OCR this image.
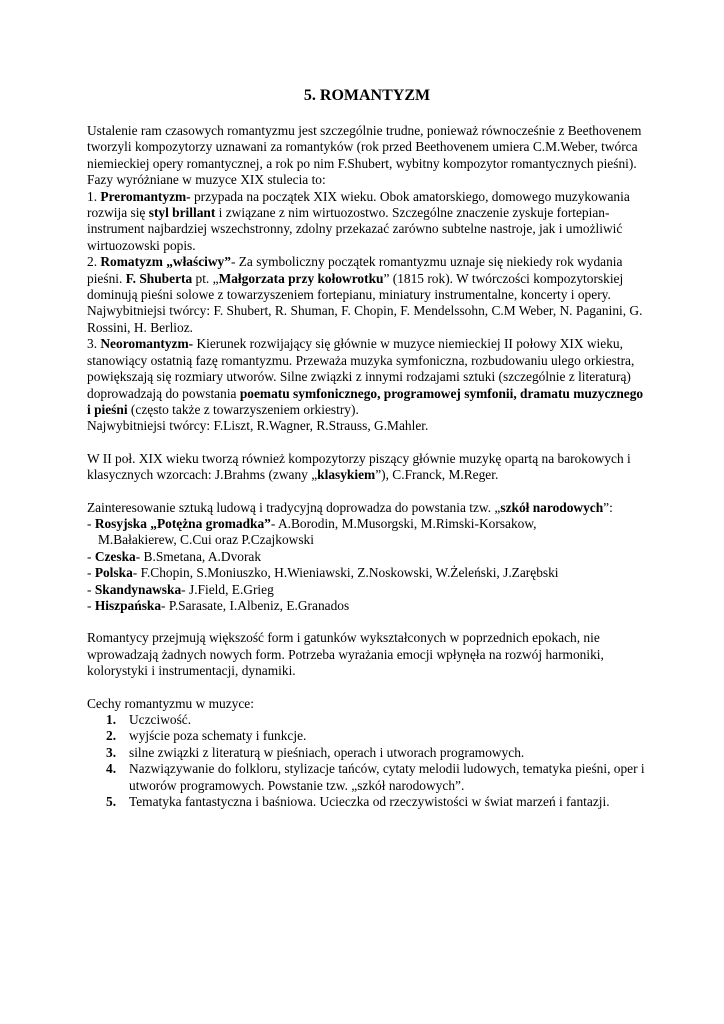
5. ROMANTYZM

Ustalenie ram czasowych romantyzmu jest szczególnie trudne, ponieważ równocześnie z Beethovenem tworzyli kompozytorzy uznawani za romantyków (rok przed Beethovenem umiera C.M.Weber, twórca niemieckiej opery romantycznej, a rok po nim F.Shubert, wybitny kompozytor romantycznych pieśni).

Fazy wyróżniane w muzyce XIX stulecia to:

1. Preromantyzm- przypada na początek XIX wieku. Obok amatorskiego, domowego muzykowania rozwija się styl brillant i związane z nim wirtuozostwo. Szczególne znaczenie zyskuje fortepian- instrument najbardziej wszechstronny, zdolny przekazać zarówno subtelne nastroje, jak i umożliwić wirtuozowski popis.

2. Romatyzm „właściwy”- Za symboliczny początek romantyzmu uznaje się niekiedy rok wydania pieśni. F. Shuberta pt. „Małgorzata przy kołowrotku” (1815 rok). W twórczości kompozytorskiej dominują pieśni solowe z towarzyszeniem fortepianu, miniatury instrumentalne, koncerty i opery.

Najwybitniejsi twórcy: F. Shubert, R. Shuman, F. Chopin, F. Mendelssohn, C.M Weber, N. Paganini, G. Rossini, H. Berlioz.

3. Neoromantyzm- Kierunek rozwijający się głównie w muzyce niemieckiej II połowy XIX wieku, stanowiący ostatnią fazę romantyzmu. Przeważa muzyka symfoniczna, rozbudowaniu ulego orkiestra, powiększają się rozmiary utworów. Silne związki z innymi rodzajami sztuki (szczególnie z literaturą) doprowadzają do powstania poematu symfonicznego, programowej symfonii, dramatu muzycznego i pieśni (często także z towarzyszeniem orkiestry).

Najwybitniejsi twórcy: F.Liszt, R.Wagner, R.Strauss, G.Mahler.

W II poł. XIX wieku tworzą również kompozytorzy piszący głównie muzykę opartą na barokowych i klasycznych wzorcach: J.Brahms (zwany „klasykiem”), C.Franck, M.Reger.

Zainteresowanie sztuką ludową i tradycyjną doprowadza do powstania tzw. „szkół narodowych”:

- Rosyjska „Potężna gromadka”- A.Borodin, M.Musorgski, M.Rimski-Korsakow,

M.Bałakierew, C.Cui oraz P.Czajkowski

- Czeska- B.Smetana, A.Dvorak

- Polska- F.Chopin, S.Moniuszko, H.Wieniawski, Z.Noskowski, W.Żeleński, J.Zarębski

- Skandynawska- J.Field, E.Grieg

- Hiszpańska- P.Sarasate, I.Albeniz, E.Granados

Romantycy przejmują większość form i gatunków wykształconych w poprzednich epokach, nie wprowadzają żadnych nowych form. Potrzeba wyrażania emocji wpłynęła na rozwój harmoniki, kolorystyki i instrumentacji, dynamiki.

Cechy romantyzmu w muzyce:

1. Uczciwość.
2. wyjście poza schematy i funkcje.
3. silne związki z literaturą w pieśniach, operach i utworach programowych.
4. Nazwiązywanie do folkloru, stylizacje tańców, cytaty melodii ludowych, tematyka pieśni, oper i utworów programowych. Powstanie tzw. „szkół narodowych”.
5. Tematyka fantastyczna i baśniowa. Ucieczka od rzeczywistości w świat marzeń i fantazji.
